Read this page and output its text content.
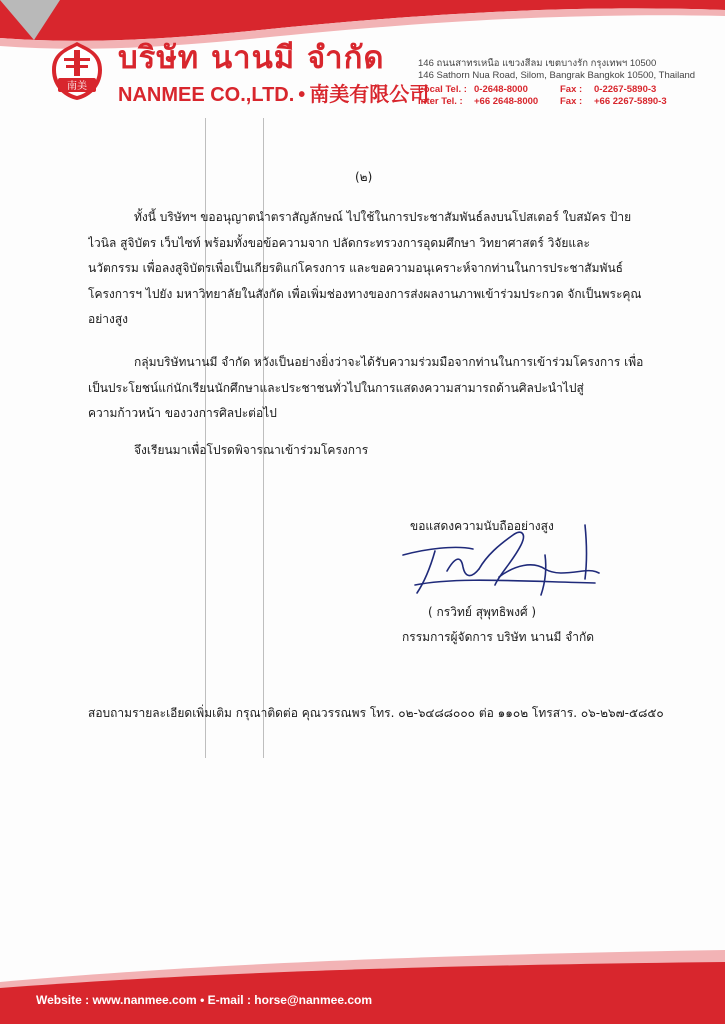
南美
บริษัท นานมี จำกัด
NANMEE CO.,LTD. • 南美有限公司
146 ถนนสาทรเหนือ แขวงสีลม เขตบางรัก กรุงเทพฯ 10500
146 Sathorn Nua Road, Silom, Bangrak Bangkok 10500, Thailand
Local Tel. : 0-2648-8000	Fax : 0-2267-5890-3
Inter Tel. : +66 2648-8000 Fax : +66 2267-5890-3
(๒)
ทั้งนี้ บริษัทฯ ขออนุญาตนำตราสัญลักษณ์ ไปใช้ในการประชาสัมพันธ์ลงบนโปสเตอร์ ใบสมัคร ป้าย
ไวนิล สูจิบัตร เว็บไซท์ พร้อมทั้งขอข้อความจาก ปลัดกระทรวงการอุดมศึกษา วิทยาศาสตร์ วิจัยและ
นวัตกรรม เพื่อลงสูจิบัตรเพื่อเป็นเกียรติแก่โครงการ และขอความอนุเคราะห์จากท่านในการประชาสัมพันธ์
โครงการฯ ไปยัง มหาวิทยาลัยในสังกัด เพื่อเพิ่มช่องทางของการส่งผลงานภาพเข้าร่วมประกวด จักเป็นพระคุณ
อย่างสูง
กลุ่มบริษัทนานมี จำกัด หวังเป็นอย่างยิ่งว่าจะได้รับความร่วมมือจากท่านในการเข้าร่วมโครงการ เพื่อ
เป็นประโยชน์แก่นักเรียนนักศึกษาและประชาชนทั่วไปในการแสดงความสามารถด้านศิลปะนำไปสู่
ความก้าวหน้า ของวงการศิลปะต่อไป
จึงเรียนมาเพื่อโปรดพิจารณาเข้าร่วมโครงการ
ขอแสดงความนับถืออย่างสูง
( กรวิทย์ สุพุทธิพงศ์ )
กรรมการผู้จัดการ บริษัท นานมี จำกัด
สอบถามรายละเอียดเพิ่มเติม กรุณาติดต่อ คุณวรรณพร โทร. ๐๒-๖๔๘๘๐๐๐ ต่อ ๑๑๐๒ โทรสาร. ๐๖-๒๖๗-๕๘๕๐
Website : www.nanmee.com • E-mail : horse@nanmee.com
